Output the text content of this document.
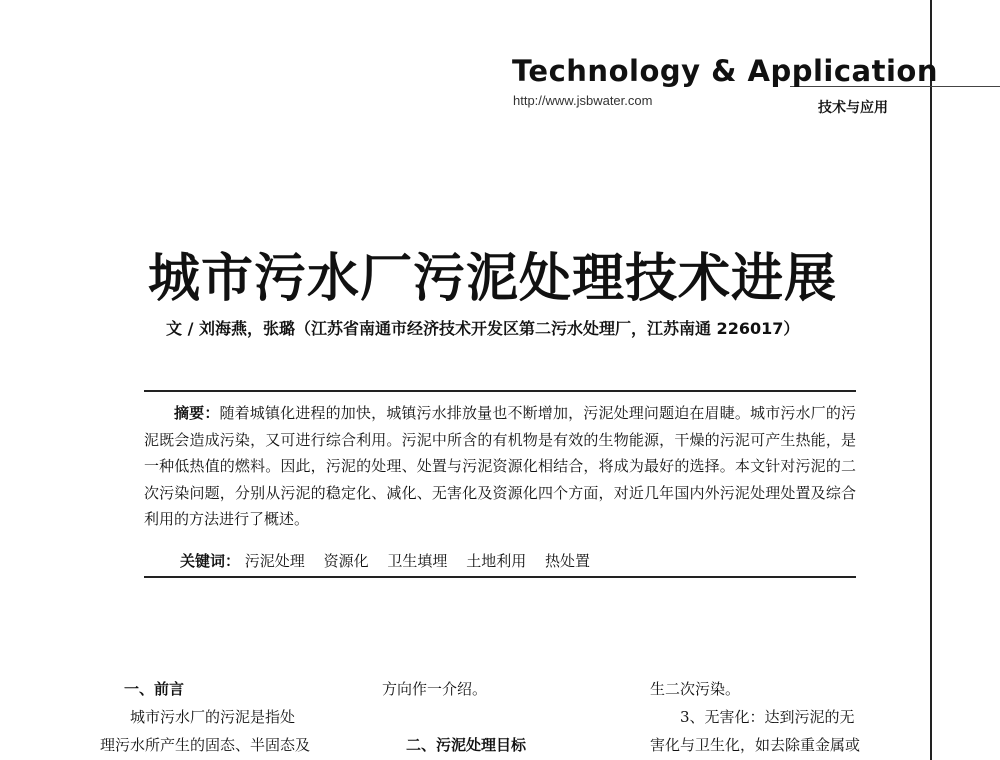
Technology & Application
http://www.jsbwater.com	技术与应用
城市污水厂污泥处理技术进展
文 / 刘海燕，张璐（江苏省南通市经济技术开发区第二污水处理厂，江苏南通 226017）

摘要：随着城镇化进程的加快，城镇污水排放量也不断增加，污泥处理问题迫在眉睫。城市污水厂的污泥既会造成污染，又可进行综合利用。污泥中所含的有机物是有效的生物能源，干燥的污泥可产生热能，是一种低热值的燃料。因此，污泥的处理、处置与污泥资源化相结合，将成为最好的选择。本文针对污泥的二次污染问题，分别从污泥的稳定化、减化、无害化及资源化四个方面，对近几年国内外污泥处理处置及综合利用的方法进行了概述。

关键词： 污泥处理 资源化 卫生填埋 土地利用 热处置

一、前言

城市污水厂的污泥是指处

理污水所产生的固态、半固态及

方向作一介绍。

二、污泥处理目标

生二次污染。

3、无害化：达到污泥的无

害化与卫生化，如去除重金属或
